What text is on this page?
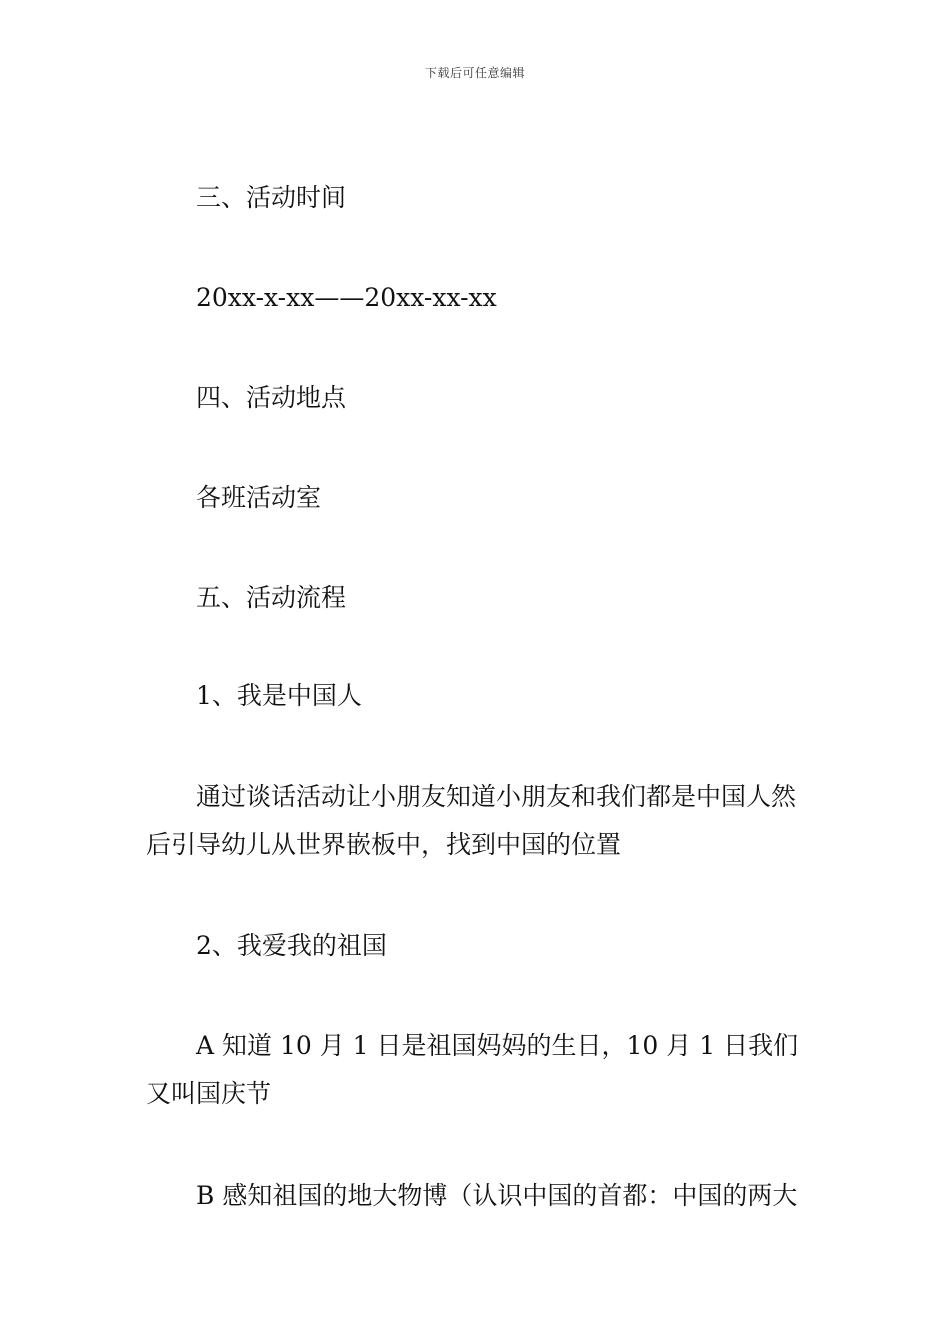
下载后可任意编辑

三、活动时间

20xx-x-xx——20xx-xx-xx

四、活动地点

各班活动室

五、活动流程

1、我是中国人

通过谈话活动让小朋友知道小朋友和我们都是中国人然后引导幼儿从世界嵌板中，找到中国的位置

2、我爱我的祖国

A 知道 10 月 1 日是祖国妈妈的生日，10 月 1 日我们又叫国庆节

B 感知祖国的地大物博（认识中国的首都：中国的两大
